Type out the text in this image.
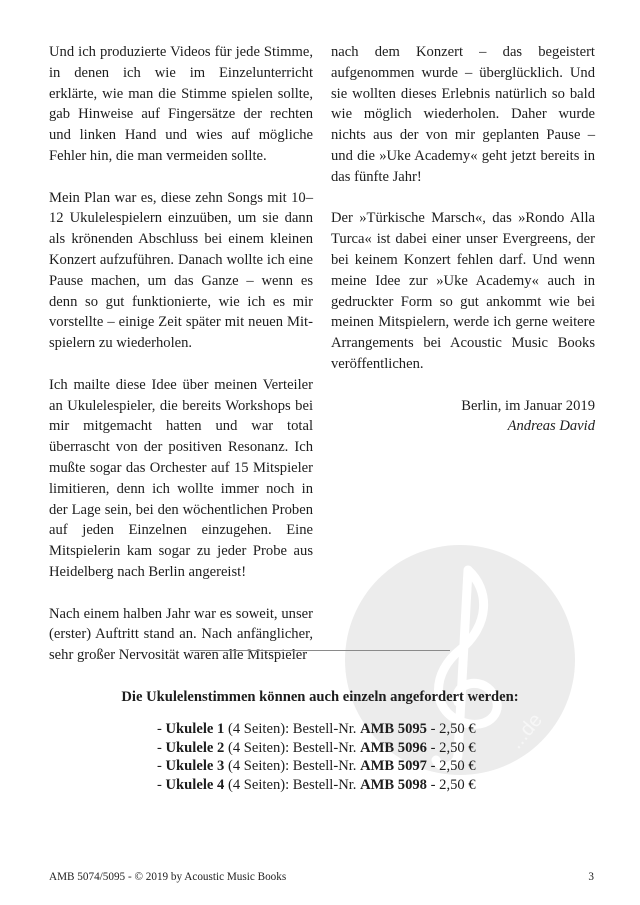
...de

Und ich produzierte Videos für jede Stimme, in denen ich wie im Einzelunterricht erklärte, wie man die Stimme spielen sollte, gab Hinweise auf Fingersätze der rechten und linken Hand und wies auf mögliche Fehler hin, die man vermeiden sollte.

Mein Plan war es, diese zehn Songs mit 10–12 Ukulelespielern einzuüben, um sie dann als krönenden Abschluss bei einem kleinen Konzert aufzuführen. Danach wollte ich eine Pause machen, um das Ganze – wenn es denn so gut funktionierte, wie ich es mir vorstellte – einige Zeit später mit neuen Mitspielern zu wiederholen.

Ich mailte diese Idee über meinen Verteiler an Ukulelespieler, die bereits Workshops bei mir mitgemacht hatten und war total überrascht von der positiven Resonanz. Ich mußte sogar das Orchester auf 15 Mitspieler limitieren, denn ich wollte immer noch in der Lage sein, bei den wöchentlichen Proben auf jeden Einzelnen einzugehen. Eine Mitspielerin kam sogar zu jeder Probe aus Heidelberg nach Berlin angereist!

Nach einem halben Jahr war es soweit, unser (erster) Auftritt stand an. Nach anfänglicher, sehr großer Nervosität waren alle Mitspieler

nach dem Konzert – das begeistert aufgenommen wurde – überglücklich. Und sie wollten dieses Erlebnis natürlich so bald wie möglich wiederholen. Daher wurde nichts aus der von mir geplanten Pause – und die »Uke Academy« geht jetzt bereits in das fünfte Jahr!

Der »Türkische Marsch«, das »Rondo Alla Turca« ist dabei einer unser Evergreens, der bei keinem Konzert fehlen darf. Und wenn meine Idee zur »Uke Academy« auch in gedruckter Form so gut ankommt wie bei meinen Mitspielern, werde ich gerne weitere Arrangements bei Acoustic Music Books veröffentlichen.

Berlin, im Januar 2019
Andreas David

Die Ukulelenstimmen können auch einzeln angefordert werden:

- Ukulele 1 (4 Seiten): Bestell-Nr. AMB 5095 - 2,50 €
- Ukulele 2 (4 Seiten): Bestell-Nr. AMB 5096 - 2,50 €
- Ukulele 3 (4 Seiten): Bestell-Nr. AMB 5097 - 2,50 €
- Ukulele 4 (4 Seiten): Bestell-Nr. AMB 5098 - 2,50 €
AMB 5074/5095 - © 2019 by Acoustic Music Books	3
